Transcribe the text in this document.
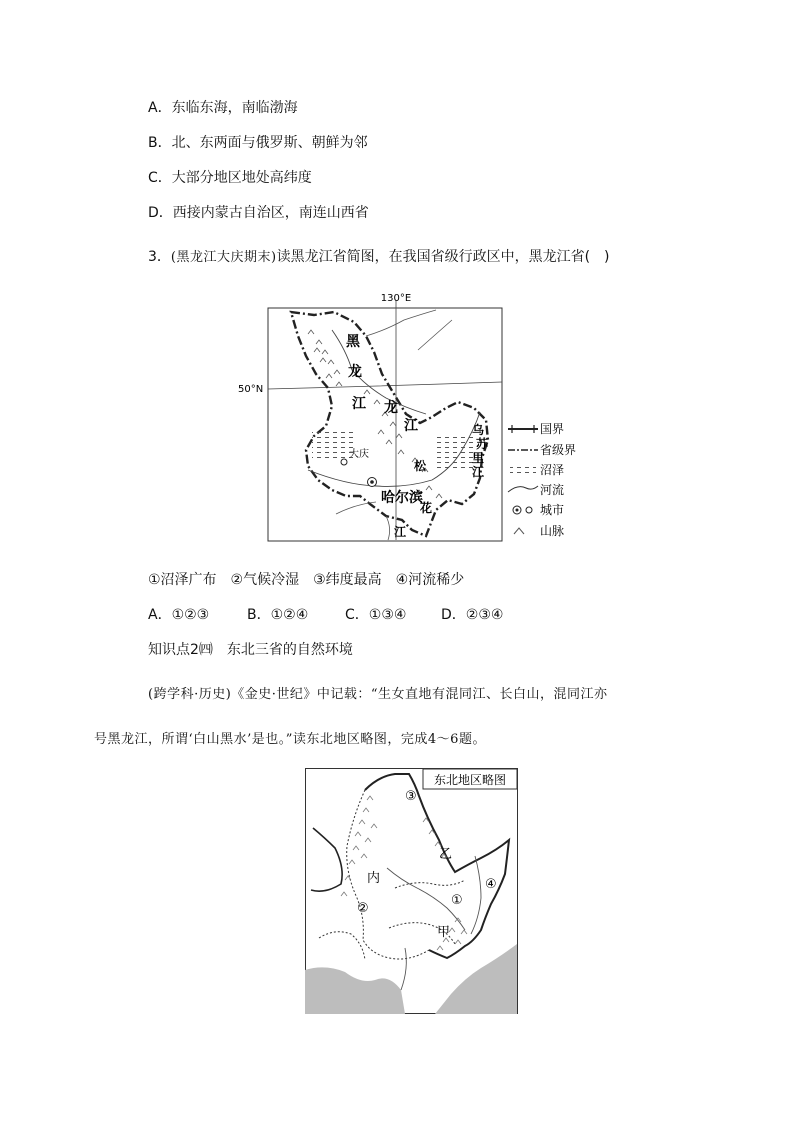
A．东临东海，南临渤海
B．北、东两面与俄罗斯、朝鲜为邻
C．大部分地区地处高纬度
D．西接内蒙古自治区，南连山西省
3．(黑龙江大庆期末)读黑龙江省简图，在我国省级行政区中，黑龙江省(　)
130°E
50°N
黑
龙
江 龙
江	乌
苏
里
江
松
花
江
大庆
哈尔滨
国界
省级界
沼泽
河流
城市
山脉
①沼泽广布　②气候冷湿　③纬度最高　④河流稀少
A．①②③	B．①②④	C．①③④ D．②③④
知识点2㈣　东北三省的自然环境
(跨学科·历史)《金史·世纪》中记载：“生女直地有混同江、长白山，混同江亦
号黑龙江，所谓‘白山黑水’是也。”读东北地区略图，完成4～6题。
东北地区略图
③
乙
④
内
②
①
甲
